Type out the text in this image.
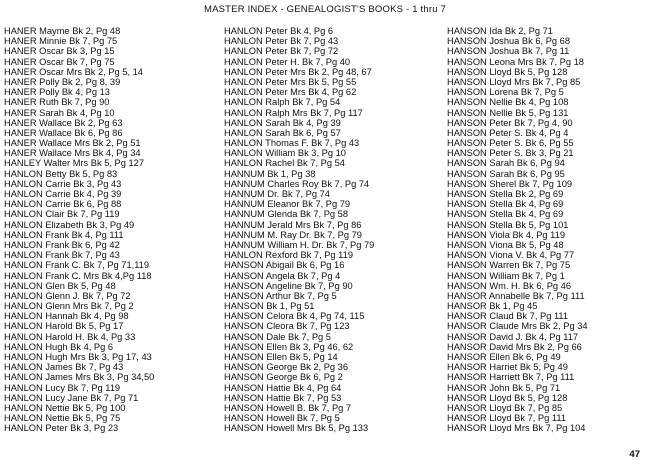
MASTER INDEX - GENEALOGIST'S BOOKS - 1 thru 7
HANER Mayme Bk 2, Pg 48
HANER Minnie Bk 7, Pg 75
HANER Oscar Bk 3, Pg 15
HANER Oscar Bk 7, Pg 75
HANER Oscar Mrs Bk 2, Pg 5, 14
HANER Polly Bk 2, Pg 8, 39
HANER Polly Bk 4, Pg 13
HANER Ruth Bk 7, Pg 90
HANER Sarah Bk 4, Pg 10
HANER Wallace Bk 2, Pg 63
HANER Wallace Bk 6, Pg 86
HANER Wallace Mrs Bk 2, Pg 51
HANER Wallace Mrs Bk 4, Pg 34
HANLEY Walter Mrs Bk 5, Pg 127
HANLON Betty Bk 5, Pg 83
HANLON Carrie Bk 3, Pg 43
HANLON Carrie Bk 4, Pg 39
HANLON Carrie Bk 6, Pg 88
HANLON Clair Bk 7, Pg 119
HANLON Elizabeth Bk 3, Pg 49
HANLON Frank Bk 4, Pg 111
HANLON Frank Bk 6, Pg 42
HANLON Frank Bk 7, Pg 43
HANLON Frank C. Bk 7, Pg 71,119
HANLON Frank C. Mrs Bk 4,Pg 118
HANLON Glen Bk 5, Pg 48
HANLON Glenn J. Bk 7, Pg 72
HANLON Glenn Mrs Bk 7, Pg 2
HANLON Hannah Bk 4, Pg 98
HANLON Harold Bk 5, Pg 17
HANLON Harold H. Bk 4, Pg 33
HANLON Hugh Bk 4, Pg 6
HANLON Hugh Mrs Bk 3, Pg 17, 43
HANLON James Bk 7, Pg 43
HANLON James Mrs Bk 3, Pg 34,50
HANLON Lucy Bk 7, Pg 119
HANLON Lucy Jane Bk 7, Pg 71
HANLON Nettie Bk 5, Pg 100
HANLON Nettie Bk 5, Pg 75
HANLON Peter Bk 3, Pg 23
HANLON Peter Bk 4, Pg 6
HANLON Peter Bk 7, Pg 43
HANLON Peter Bk 7, Pg 72
HANLON Peter H. Bk 7, Pg 40
HANLON Peter Mrs Bk 2, Pg 48, 67
HANLON Peter Mrs Bk 5, Pg 55
HANLON Peter Mrs Bk 4, Pg 62
HANLON Ralph Bk 7, Pg 54
HANLON Ralph Mrs Bk 7, Pg 117
HANLON Sarah Bk 4, Pg 39
HANLON Sarah Bk 6, Pg 57
HANLON Thomas F. Bk 7, Pg 43
HANLON William Bk 3, Pg 10
HANLON Rachel Bk 7, Pg 54
HANNUM Bk 1, Pg 38
HANNUM Charles Roy Bk 7, Pg 74
HANNUM Dr. Bk 7, Pg 74
HANNUM Eleanor Bk 7, Pg 79
HANNUM Glenda Bk 7, Pg 58
HANNUM Jerald Mrs Bk 7, Pg 86
HANNUM M. Ray Dr. Bk 7, Pg 79
HANNUM William H. Dr. Bk 7, Pg 79
HANLON Rexford Bk 7, Pg 119
HANSON Abigail Bk 6, Pg 16
HANSON Angela Bk 7, Pg 4
HANSON Angeline Bk 7, Pg 90
HANSON Arthur Bk 7, Pg 5
HANSON Bk 1, Pg 51
HANSON Celora Bk 4, Pg 74, 115
HANSON Cleora Bk 7, Pg 123
HANSON Dale Bk 7, Pg 5
HANSON Ellen Bk 3, Pg 46, 62
HANSON Ellen Bk 5, Pg 14
HANSON George Bk 2, Pg 36
HANSON George Bk 6, Pg 2
HANSON Hattie Bk 4, Pg 64
HANSON Hattie Bk 7, Pg 53
HANSON Howell B. Bk 7, Pg 7
HANSON Howell Bk 7, Pg 5
HANSON Howell Mrs Bk 5, Pg 133
HANSON Ida Bk 2, Pg 71
HANSON Joshua Bk 6, Pg 68
HANSON Joshua Bk 7, Pg 11
HANSON Leona Mrs Bk 7, Pg 18
HANSON Lloyd Bk 5, Pg 128
HANSON Lloyd Mrs Bk 7, Pg 85
HANSON Lorena Bk 7, Pg 5
HANSON Nellie Bk 4, Pg 108
HANSON Nellie Bk 5, Pg 131
HANSON Peter Bk 7, Pg 4, 90
HANSON Peter S. Bk 4, Pg 4
HANSON Peter S. Bk 6, Pg 55
HANSON Peter S. Bk 3, Pg 21
HANSON Sarah Bk 6, Pg 94
HANSON Sarah Bk 6, Pg 95
HANSON Sherel Bk 7, Pg 109
HANSON Stella Bk 2, Pg 69
HANSON Stella Bk 4, Pg 69
HANSON Stella Bk 4, Pg 69
HANSON Stella Bk 5, Pg 101
HANSON Viola Bk 4, Pg 119
HANSON Viona Bk 5, Pg 48
HANSON Viona V. Bk 4, Pg 77
HANSON Warren Bk 7, Pg 75
HANSON William Bk 7, Pg 1
HANSON Wm. H. Bk 6, Pg 46
HANSOR Annabelle Bk 7, Pg 111
HANSOR Bk 1, Pg 45
HANSOR Claud Bk 7, Pg 111
HANSOR Claude Mrs Bk 2, Pg 34
HANSOR David J. Bk 4, Pg 117
HANSOR David Mrs Bk 2, Pg 66
HANSOR Ellen Bk 6, Pg 49
HANSOR Harriet Bk 5, Pg 49
HANSOR Harriett Bk 7, Pg 111
HANSOR John Bk 5, Pg 71
HANSOR Lloyd Bk 5, Pg 128
HANSOR Lloyd Bk 7, Pg 85
HANSOR Lloyd Bk 7, Pg 111
HANSOR Lloyd Mrs Bk 7, Pg 104
47
